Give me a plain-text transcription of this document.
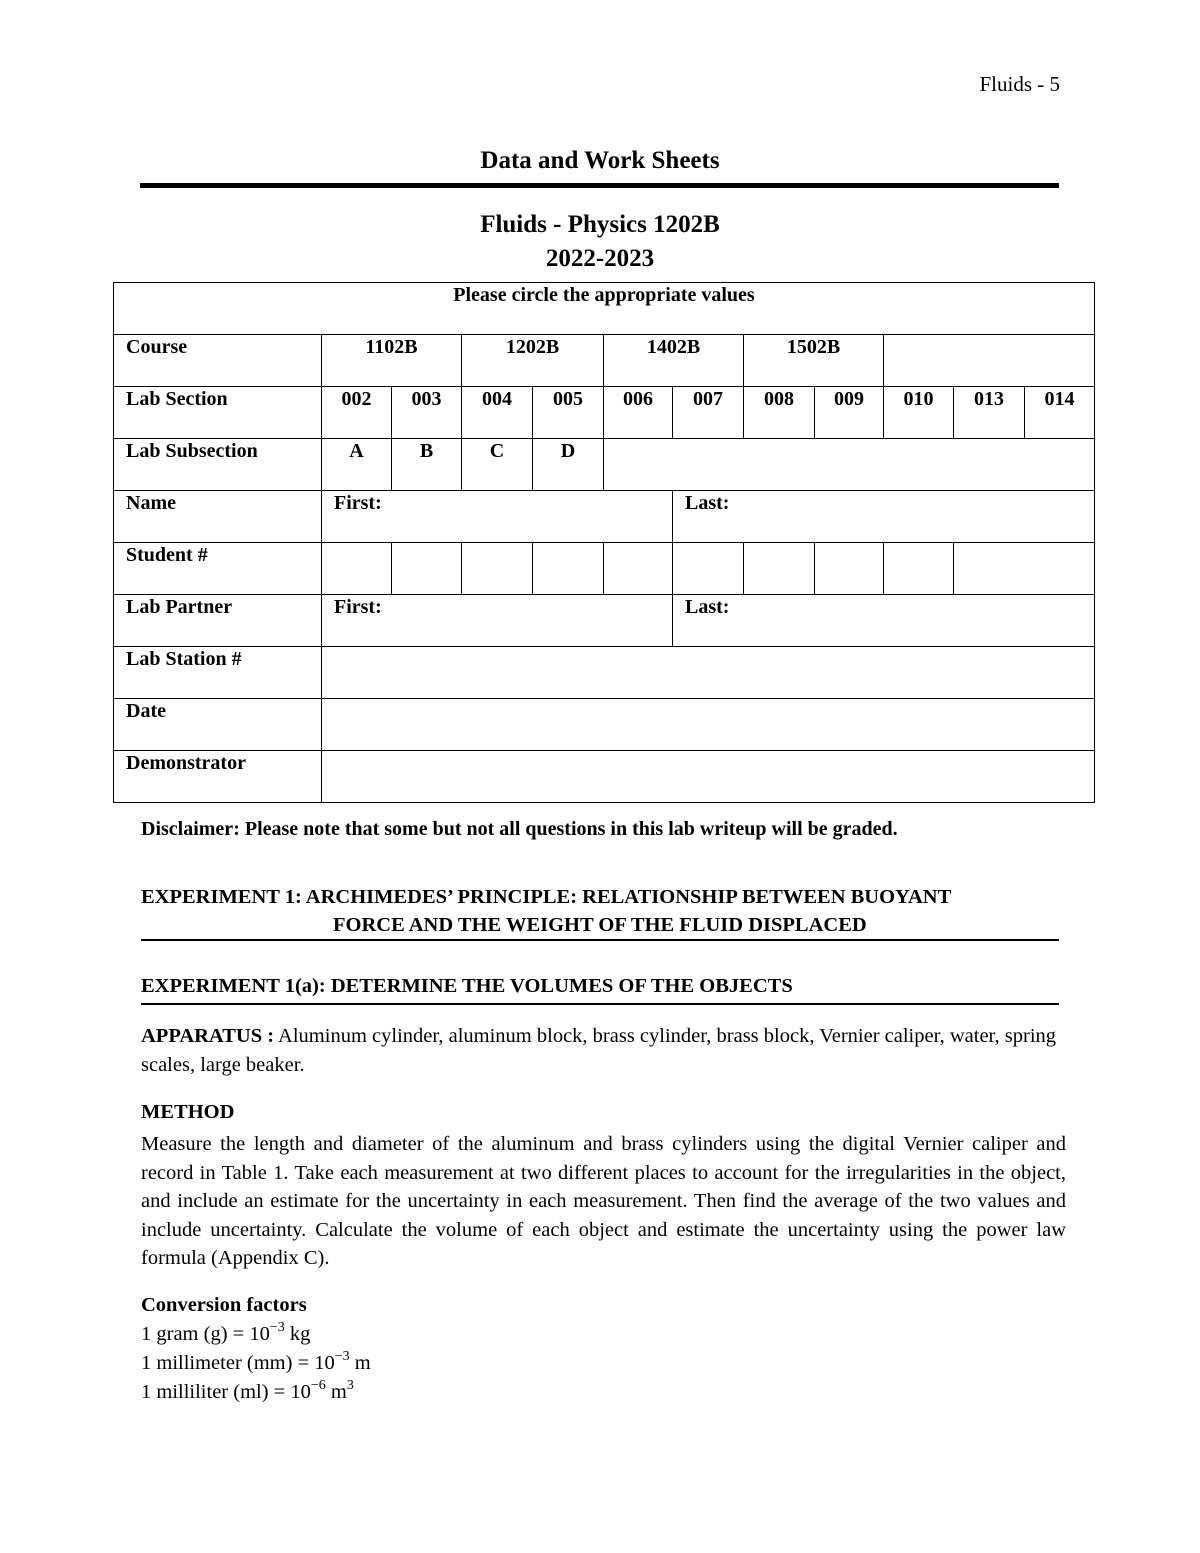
Fluids - 5
Data and Work Sheets
Fluids - Physics 1202B
2022-2023
Please circle the appropriate values											
Course	1102B		1202B		1402B		1502B				
Lab Section	002	003	004	005	006	007	008	009	010	013	014
Lab Subsection	A	B	C	D							
Name	First:					Last:					
Student #											
Lab Partner	First:					Last:					
Lab Station #											
Date											
Demonstrator											
Disclaimer: Please note that some but not all questions in this lab writeup will be graded.
EXPERIMENT 1: ARCHIMEDES’ PRINCIPLE: RELATIONSHIP BETWEEN BUOYANT
FORCE AND THE WEIGHT OF THE FLUID DISPLACED
EXPERIMENT 1(a): DETERMINE THE VOLUMES OF THE OBJECTS
APPARATUS : Aluminum cylinder, aluminum block, brass cylinder, brass block, Vernier caliper, water, spring scales, large beaker.
METHOD
Measure the length and diameter of the aluminum and brass cylinders using the digital Vernier caliper and record in Table 1. Take each measurement at two different places to account for the irregularities in the object, and include an estimate for the uncertainty in each measurement. Then find the average of the two values and include uncertainty. Calculate the volume of each object and estimate the uncertainty using the power law formula (Appendix C).
Conversion factors
1 gram $(g) = 10^{-3}$ kg
1 millimeter $(mm) = 10^{-3}$ m
1 milliliter $(ml) = 10^{-6}$ $m^3$
